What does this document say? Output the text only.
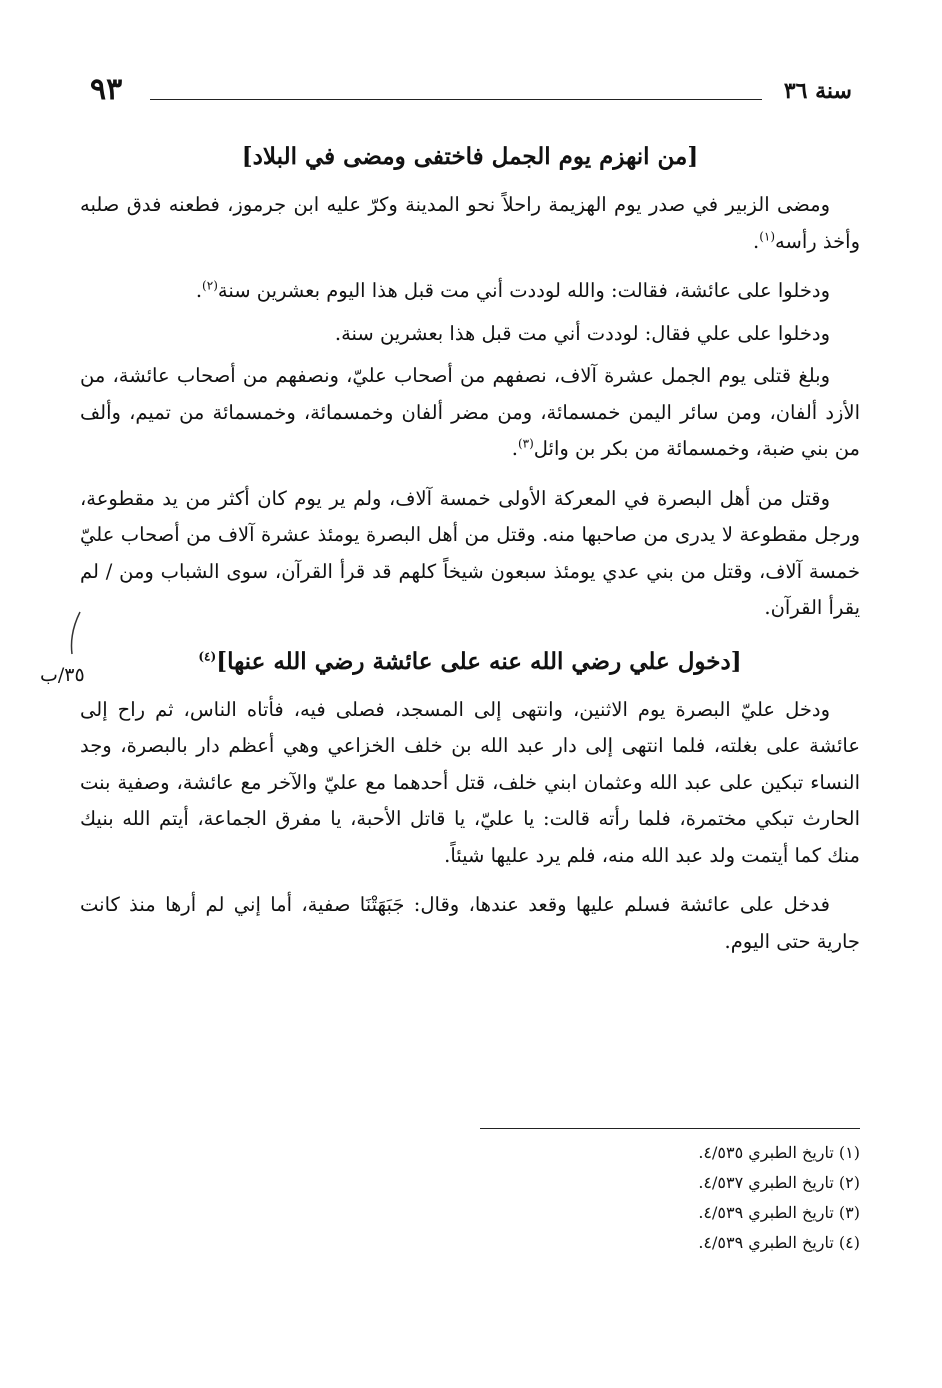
سنة ٣٦
٩٣
[من انهزم يوم الجمل فاختفى ومضى في البلاد]

ومضى الزبير في صدر يوم الهزيمة راحلاً نحو المدينة وكرّ عليه ابن جرموز، فطعنه فدق صلبه وأخذ رأسه$^{(١)}$.

ودخلوا على عائشة، فقالت: والله لوددت أني مت قبل هذا اليوم بعشرين سنة$^{(٢)}$.

ودخلوا على علي فقال: لوددت أني مت قبل هذا بعشرين سنة.

وبلغ قتلى يوم الجمل عشرة آلاف، نصفهم من أصحاب عليّ، ونصفهم من أصحاب عائشة، من الأزد ألفان، ومن سائر اليمن خمسمائة، ومن مضر ألفان وخمسمائة، وخمسمائة من تميم، وألف من بني ضبة، وخمسمائة من بكر بن وائل$^{(٣)}$.

وقتل من أهل البصرة في المعركة الأولى خمسة آلاف، ولم ير يوم كان أكثر من يد مقطوعة، ورجل مقطوعة لا يدرى من صاحبها منه. وقتل من أهل البصرة يومئذ عشرة آلاف من أصحاب عليّ خمسة آلاف، وقتل من بني عدي يومئذ سبعون شيخاً كلهم قد قرأ القرآن، سوى الشباب ومن / لم يقرأ القرآن.

[دخول علي رضي الله عنه على عائشة رضي الله عنها]$^{(٤)}$

ودخل عليّ البصرة يوم الاثنين، وانتهى إلى المسجد، فصلى فيه، فأتاه الناس، ثم راح إلى عائشة على بغلته، فلما انتهى إلى دار عبد الله بن خلف الخزاعي وهي أعظم دار بالبصرة، وجد النساء تبكين على عبد الله وعثمان ابني خلف، قتل أحدهما مع عليّ والآخر مع عائشة، وصفية بنت الحارث تبكي مختمرة، فلما رأته قالت: يا عليّ، يا قاتل الأحبة، يا مفرق الجماعة، أيتم الله بنيك منك كما أيتمت ولد عبد الله منه، فلم يرد عليها شيئاً.

فدخل على عائشة فسلم عليها وقعد عندها، وقال: جَبَهَتْنَا صفية، أما إني لم أرها منذ كانت جارية حتى اليوم.

٣٥/ب

(١) تاريخ الطبري ٤/٥٣٥.

(٢) تاريخ الطبري ٤/٥٣٧.

(٣) تاريخ الطبري ٤/٥٣٩.

(٤) تاريخ الطبري ٤/٥٣٩.
